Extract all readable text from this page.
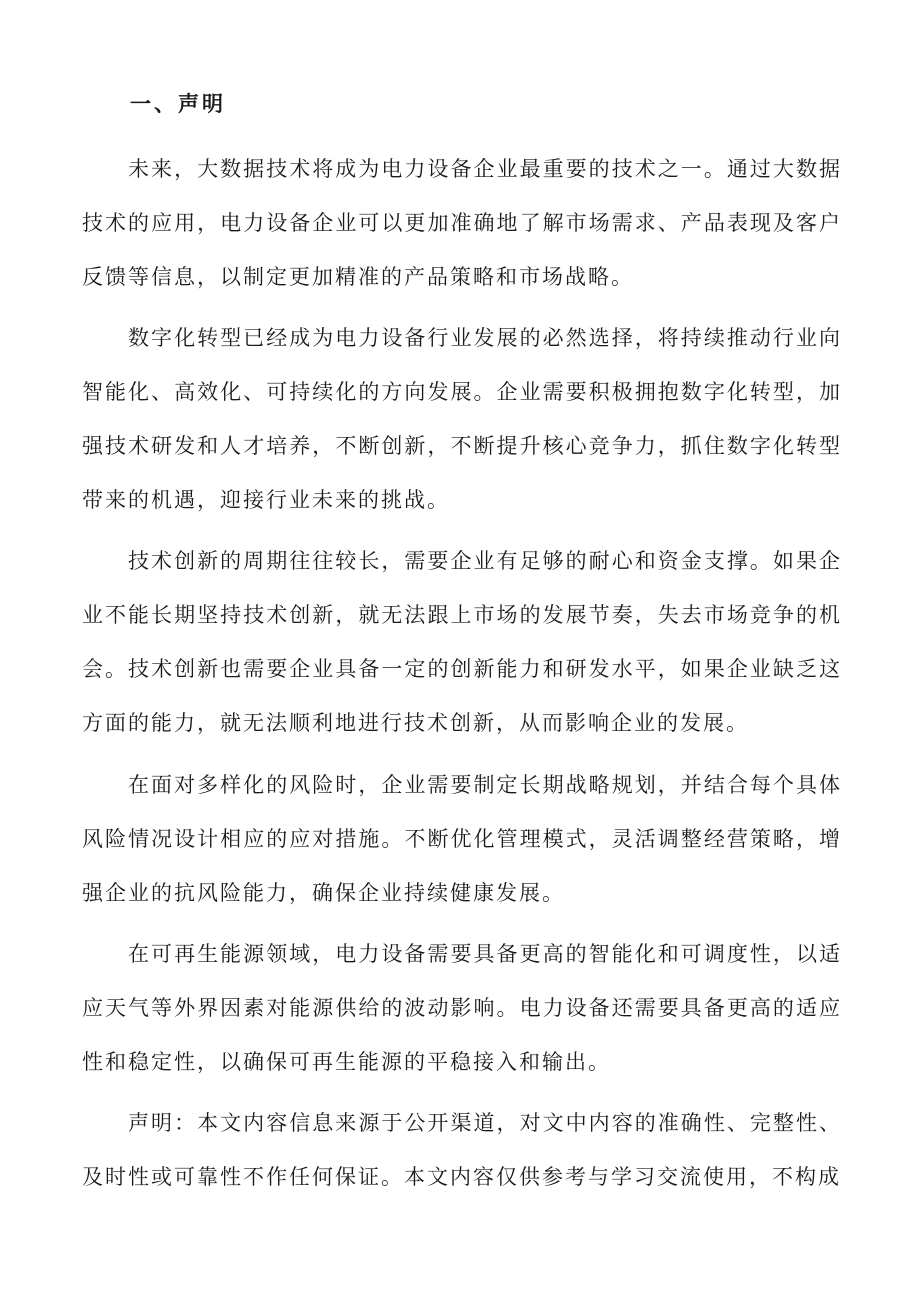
一、声明

未来，大数据技术将成为电力设备企业最重要的技术之一。通过大数据技术的应用，电力设备企业可以更加准确地了解市场需求、产品表现及客户反馈等信息，以制定更加精准的产品策略和市场战略。

数字化转型已经成为电力设备行业发展的必然选择，将持续推动行业向智能化、高效化、可持续化的方向发展。企业需要积极拥抱数字化转型，加强技术研发和人才培养，不断创新，不断提升核心竞争力，抓住数字化转型带来的机遇，迎接行业未来的挑战。

技术创新的周期往往较长，需要企业有足够的耐心和资金支撑。如果企业不能长期坚持技术创新，就无法跟上市场的发展节奏，失去市场竞争的机会。技术创新也需要企业具备一定的创新能力和研发水平，如果企业缺乏这方面的能力，就无法顺利地进行技术创新，从而影响企业的发展。

在面对多样化的风险时，企业需要制定长期战略规划，并结合每个具体风险情况设计相应的应对措施。不断优化管理模式，灵活调整经营策略，增强企业的抗风险能力，确保企业持续健康发展。

在可再生能源领域，电力设备需要具备更高的智能化和可调度性，以适应天气等外界因素对能源供给的波动影响。电力设备还需要具备更高的适应性和稳定性，以确保可再生能源的平稳接入和输出。

声明：本文内容信息来源于公开渠道，对文中内容的准确性、完整性、及时性或可靠性不作任何保证。本文内容仅供参考与学习交流使用，不构成
